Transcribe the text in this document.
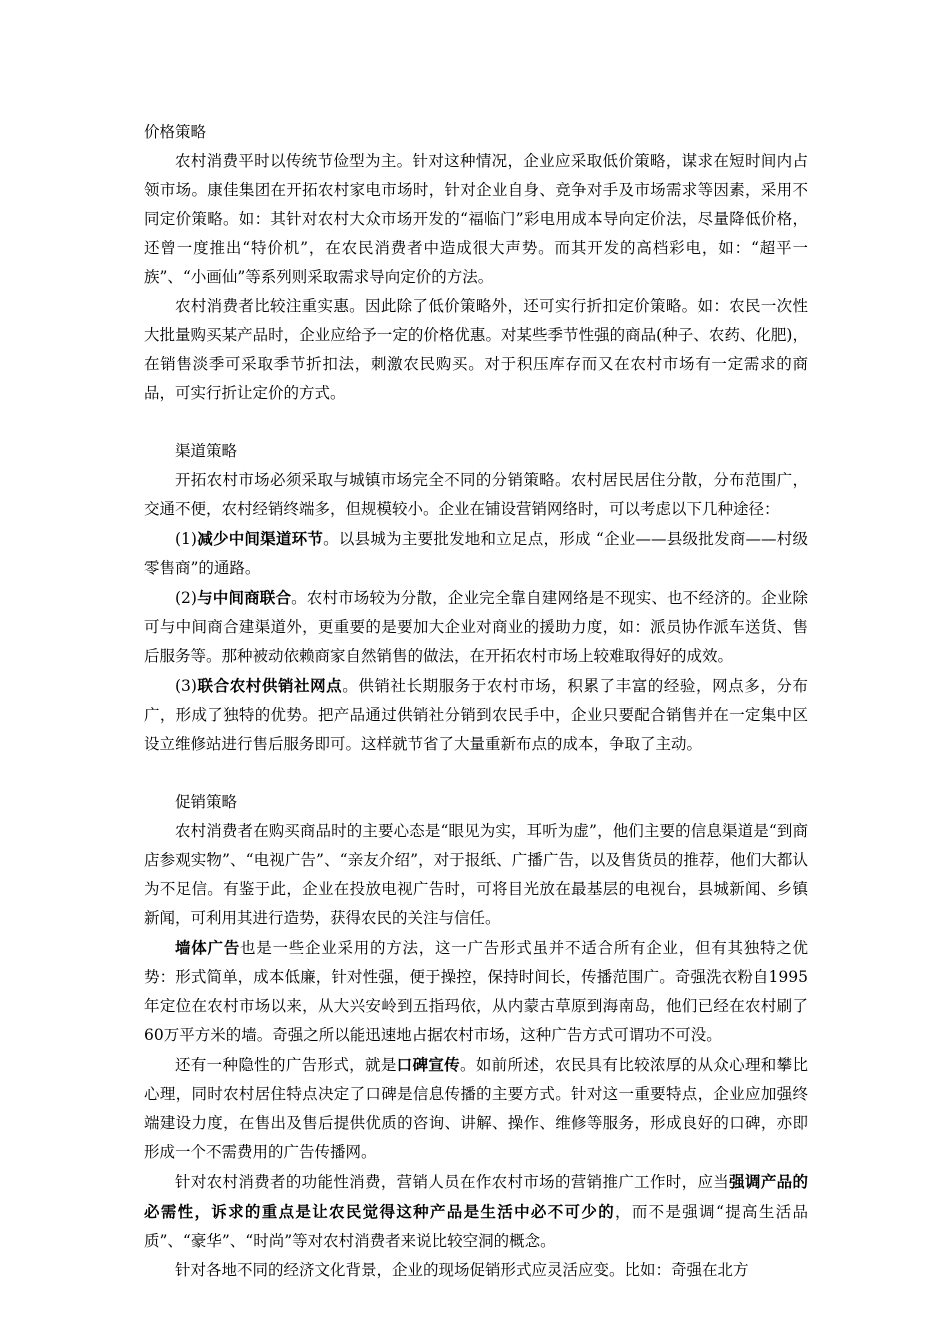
价格策略

农村消费平时以传统节俭型为主。针对这种情况，企业应采取低价策略，谋求在短时间内占领市场。康佳集团在开拓农村家电市场时，针对企业自身、竞争对手及市场需求等因素，采用不同定价策略。如：其针对农村大众市场开发的“福临门”彩电用成本导向定价法，尽量降低价格，还曾一度推出“特价机”，在农民消费者中造成很大声势。而其开发的高档彩电，如：“超平一族”、“小画仙”等系列则采取需求导向定价的方法。

农村消费者比较注重实惠。因此除了低价策略外，还可实行折扣定价策略。如：农民一次性大批量购买某产品时，企业应给予一定的价格优惠。对某些季节性强的商品(种子、农药、化肥)，在销售淡季可采取季节折扣法，刺激农民购买。对于积压库存而又在农村市场有一定需求的商品，可实行折让定价的方式。

渠道策略

开拓农村市场必须采取与城镇市场完全不同的分销策略。农村居民居住分散，分布范围广，交通不便，农村经销终端多，但规模较小。企业在铺设营销网络时，可以考虑以下几种途径：

(1)减少中间渠道环节。以县城为主要批发地和立足点，形成 “企业——县级批发商——村级零售商”的通路。

(2)与中间商联合。农村市场较为分散，企业完全靠自建网络是不现实、也不经济的。企业除可与中间商合建渠道外，更重要的是要加大企业对商业的援助力度，如：派员协作派车送货、售后服务等。那种被动依赖商家自然销售的做法，在开拓农村市场上较难取得好的成效。

(3)联合农村供销社网点。供销社长期服务于农村市场，积累了丰富的经验，网点多，分布广，形成了独特的优势。把产品通过供销社分销到农民手中，企业只要配合销售并在一定集中区设立维修站进行售后服务即可。这样就节省了大量重新布点的成本，争取了主动。

促销策略

农村消费者在购买商品时的主要心态是“眼见为实，耳听为虚”，他们主要的信息渠道是“到商店参观实物”、“电视广告”、“亲友介绍”，对于报纸、广播广告，以及售货员的推荐，他们大都认为不足信。有鉴于此，企业在投放电视广告时，可将目光放在最基层的电视台，县城新闻、乡镇新闻，可利用其进行造势，获得农民的关注与信任。

墙体广告也是一些企业采用的方法，这一广告形式虽并不适合所有企业，但有其独特之优势：形式简单，成本低廉，针对性强，便于操控，保持时间长，传播范围广。奇强洗衣粉自1995年定位在农村市场以来，从大兴安岭到五指玛依，从内蒙古草原到海南岛，他们已经在农村刷了60万平方米的墙。奇强之所以能迅速地占据农村市场，这种广告方式可谓功不可没。

还有一种隐性的广告形式，就是口碑宣传。如前所述，农民具有比较浓厚的从众心理和攀比心理，同时农村居住特点决定了口碑是信息传播的主要方式。针对这一重要特点，企业应加强终端建设力度，在售出及售后提供优质的咨询、讲解、操作、维修等服务，形成良好的口碑，亦即形成一个不需费用的广告传播网。

针对农村消费者的功能性消费，营销人员在作农村市场的营销推广工作时，应当强调产品的必需性，诉求的重点是让农民觉得这种产品是生活中必不可少的，而不是强调“提高生活品质”、“豪华”、“时尚”等对农村消费者来说比较空洞的概念。

针对各地不同的经济文化背景，企业的现场促销形式应灵活应变。比如：奇强在北方
